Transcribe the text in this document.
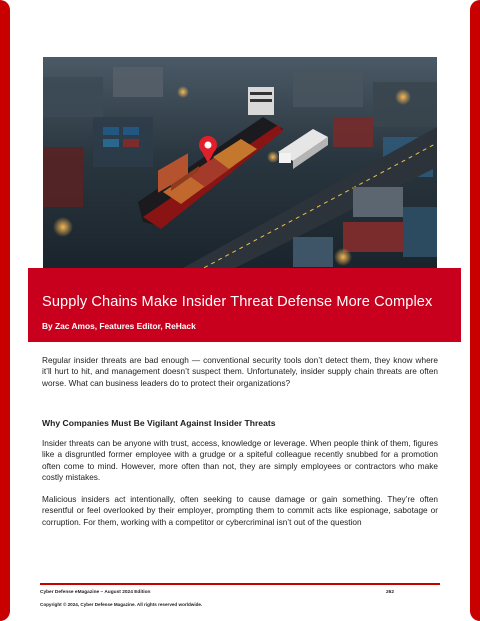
Supply Chains Make Insider Threat Defense More Complex

By Zac Amos, Features Editor, ReHack

Regular insider threats are bad enough — conventional security tools don’t detect them, they know where it’ll hurt to hit, and management doesn’t suspect them. Unfortunately, insider supply chain threats are often worse. What can business leaders do to protect their organizations?

Why Companies Must Be Vigilant Against Insider Threats

Insider threats can be anyone with trust, access, knowledge or leverage. When people think of them, figures like a disgruntled former employee with a grudge or a spiteful colleague recently snubbed for a promotion often come to mind. However, more often than not, they are simply employees or contractors who make costly mistakes.

Malicious insiders act intentionally, often seeking to cause damage or gain something. They’re often resentful or feel overlooked by their employer, prompting them to commit acts like espionage, sabotage or corruption. For them, working with a competitor or cybercriminal isn’t out of the question

Cyber Defense eMagazine – August 2024 Edition	262
Copyright © 2024, Cyber Defense Magazine. All rights reserved worldwide.
